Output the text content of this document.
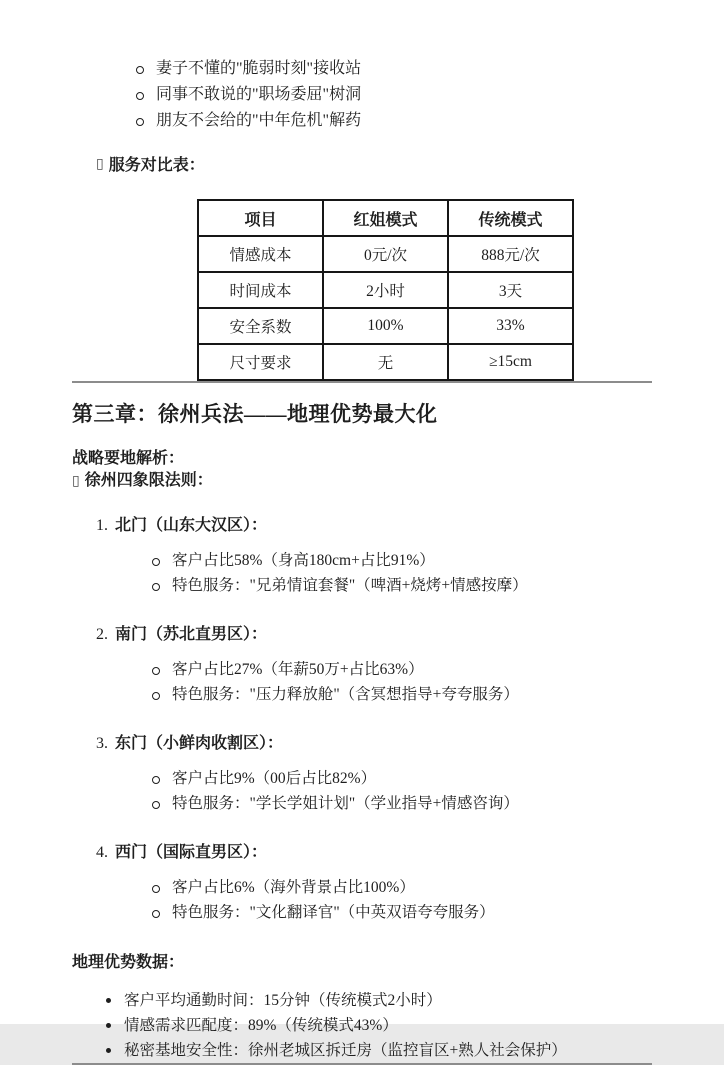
妻子不懂的"脆弱时刻"接收站
同事不敢说的"职场委屈"树洞
朋友不会给的"中年危机"解药
▯ 服务对比表：
项目	红姐模式	传统模式
情感成本	0元/次	888元/次
时间成本	2小时	3天
安全系数	100%	33%
尺寸要求	无	≥15cm
第三章：徐州兵法——地理优势最大化
战略要地解析：
▯ 徐州四象限法则：
1. 北门（山东大汉区）：
客户占比58%（身高180cm+占比91%）
特色服务："兄弟情谊套餐"（啤酒+烧烤+情感按摩）
2. 南门（苏北直男区）：
客户占比27%（年薪50万+占比63%）
特色服务："压力释放舱"（含冥想指导+夸夸服务）
3. 东门（小鲜肉收割区）：
客户占比9%（00后占比82%）
特色服务："学长学姐计划"（学业指导+情感咨询）
4. 西门（国际直男区）：
客户占比6%（海外背景占比100%）
特色服务："文化翻译官"（中英双语夸夸服务）
地理优势数据：
客户平均通勤时间：15分钟（传统模式2小时）
情感需求匹配度：89%（传统模式43%）
秘密基地安全性：徐州老城区拆迁房（监控盲区+熟人社会保护）
